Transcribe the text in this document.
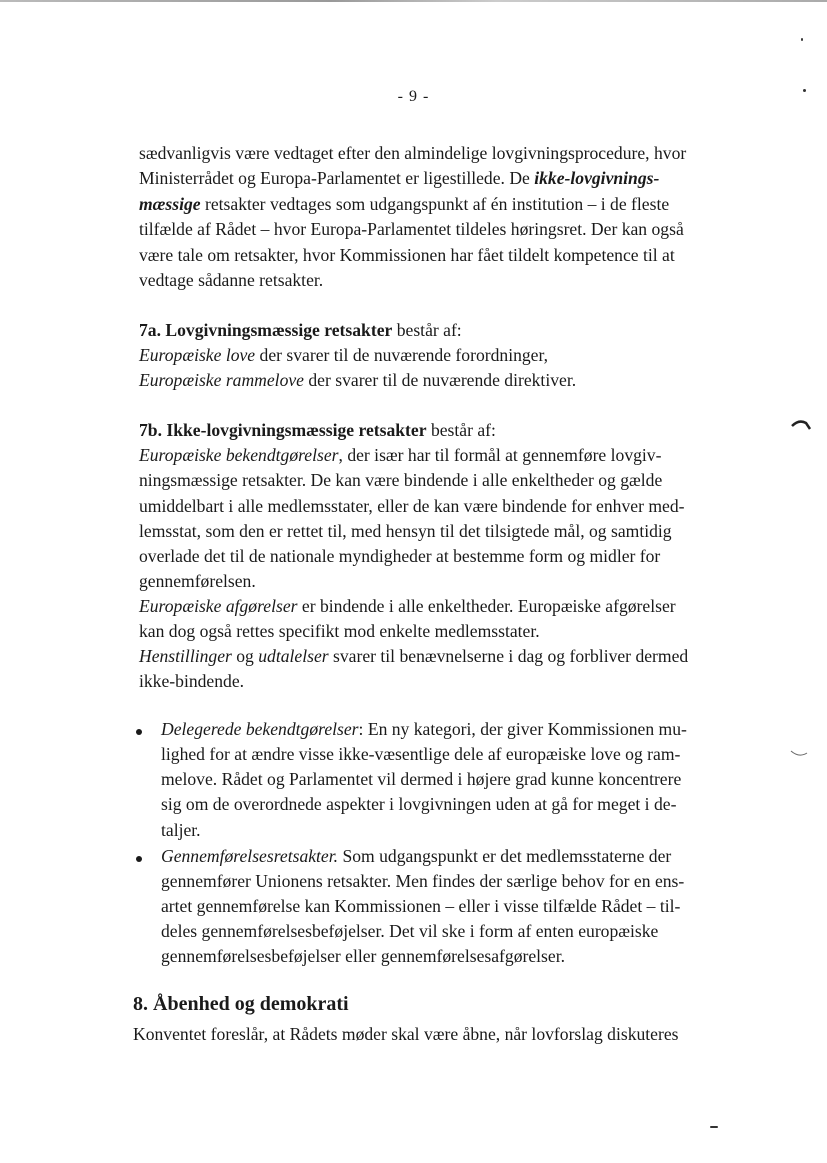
- 9 -
sædvanligvis være vedtaget efter den almindelige lovgivningsprocedure, hvor
Ministerrådet og Europa-Parlamentet er ligestillede. De ikke-lovgivnings-
mæssige retsakter vedtages som udgangspunkt af én institution – i de fleste
tilfælde af Rådet – hvor Europa-Parlamentet tildeles høringsret. Der kan også
være tale om retsakter, hvor Kommissionen har fået tildelt kompetence til at
vedtage sådanne retsakter.
7a. Lovgivningsmæssige retsakter består af:
Europæiske love der svarer til de nuværende forordninger,
Europæiske rammelove der svarer til de nuværende direktiver.
7b. Ikke-lovgivningsmæssige retsakter består af:
Europæiske bekendtgørelser, der især har til formål at gennemføre lovgiv-
ningsmæssige retsakter. De kan være bindende i alle enkeltheder og gælde
umiddelbart i alle medlemsstater, eller de kan være bindende for enhver med-
lemsstat, som den er rettet til, med hensyn til det tilsigtede mål, og samtidig
overlade det til de nationale myndigheder at bestemme form og midler for
gennemførelsen.
Europæiske afgørelser er bindende i alle enkeltheder. Europæiske afgørelser
kan dog også rettes specifikt mod enkelte medlemsstater.
Henstillinger og udtalelser svarer til benævnelserne i dag og forbliver dermed
ikke-bindende.
Delegerede bekendtgørelser: En ny kategori, der giver Kommissionen mu-
lighed for at ændre visse ikke-væsentlige dele af europæiske love og ram-
melove. Rådet og Parlamentet vil dermed i højere grad kunne koncentrere
sig om de overordnede aspekter i lovgivningen uden at gå for meget i de-
taljer.
Gennemførelsesretsakter. Som udgangspunkt er det medlemsstaterne der
gennemfører Unionens retsakter. Men findes der særlige behov for en ens-
artet gennemførelse kan Kommissionen – eller i visse tilfælde Rådet – til-
deles gennemførelsesbeføjelser. Det vil ske i form af enten europæiske
gennemførelsesbeføjelser eller gennemførelsesafgørelser.
8. Åbenhed og demokrati
Konventet foreslår, at Rådets møder skal være åbne, når lovforslag diskuteres
